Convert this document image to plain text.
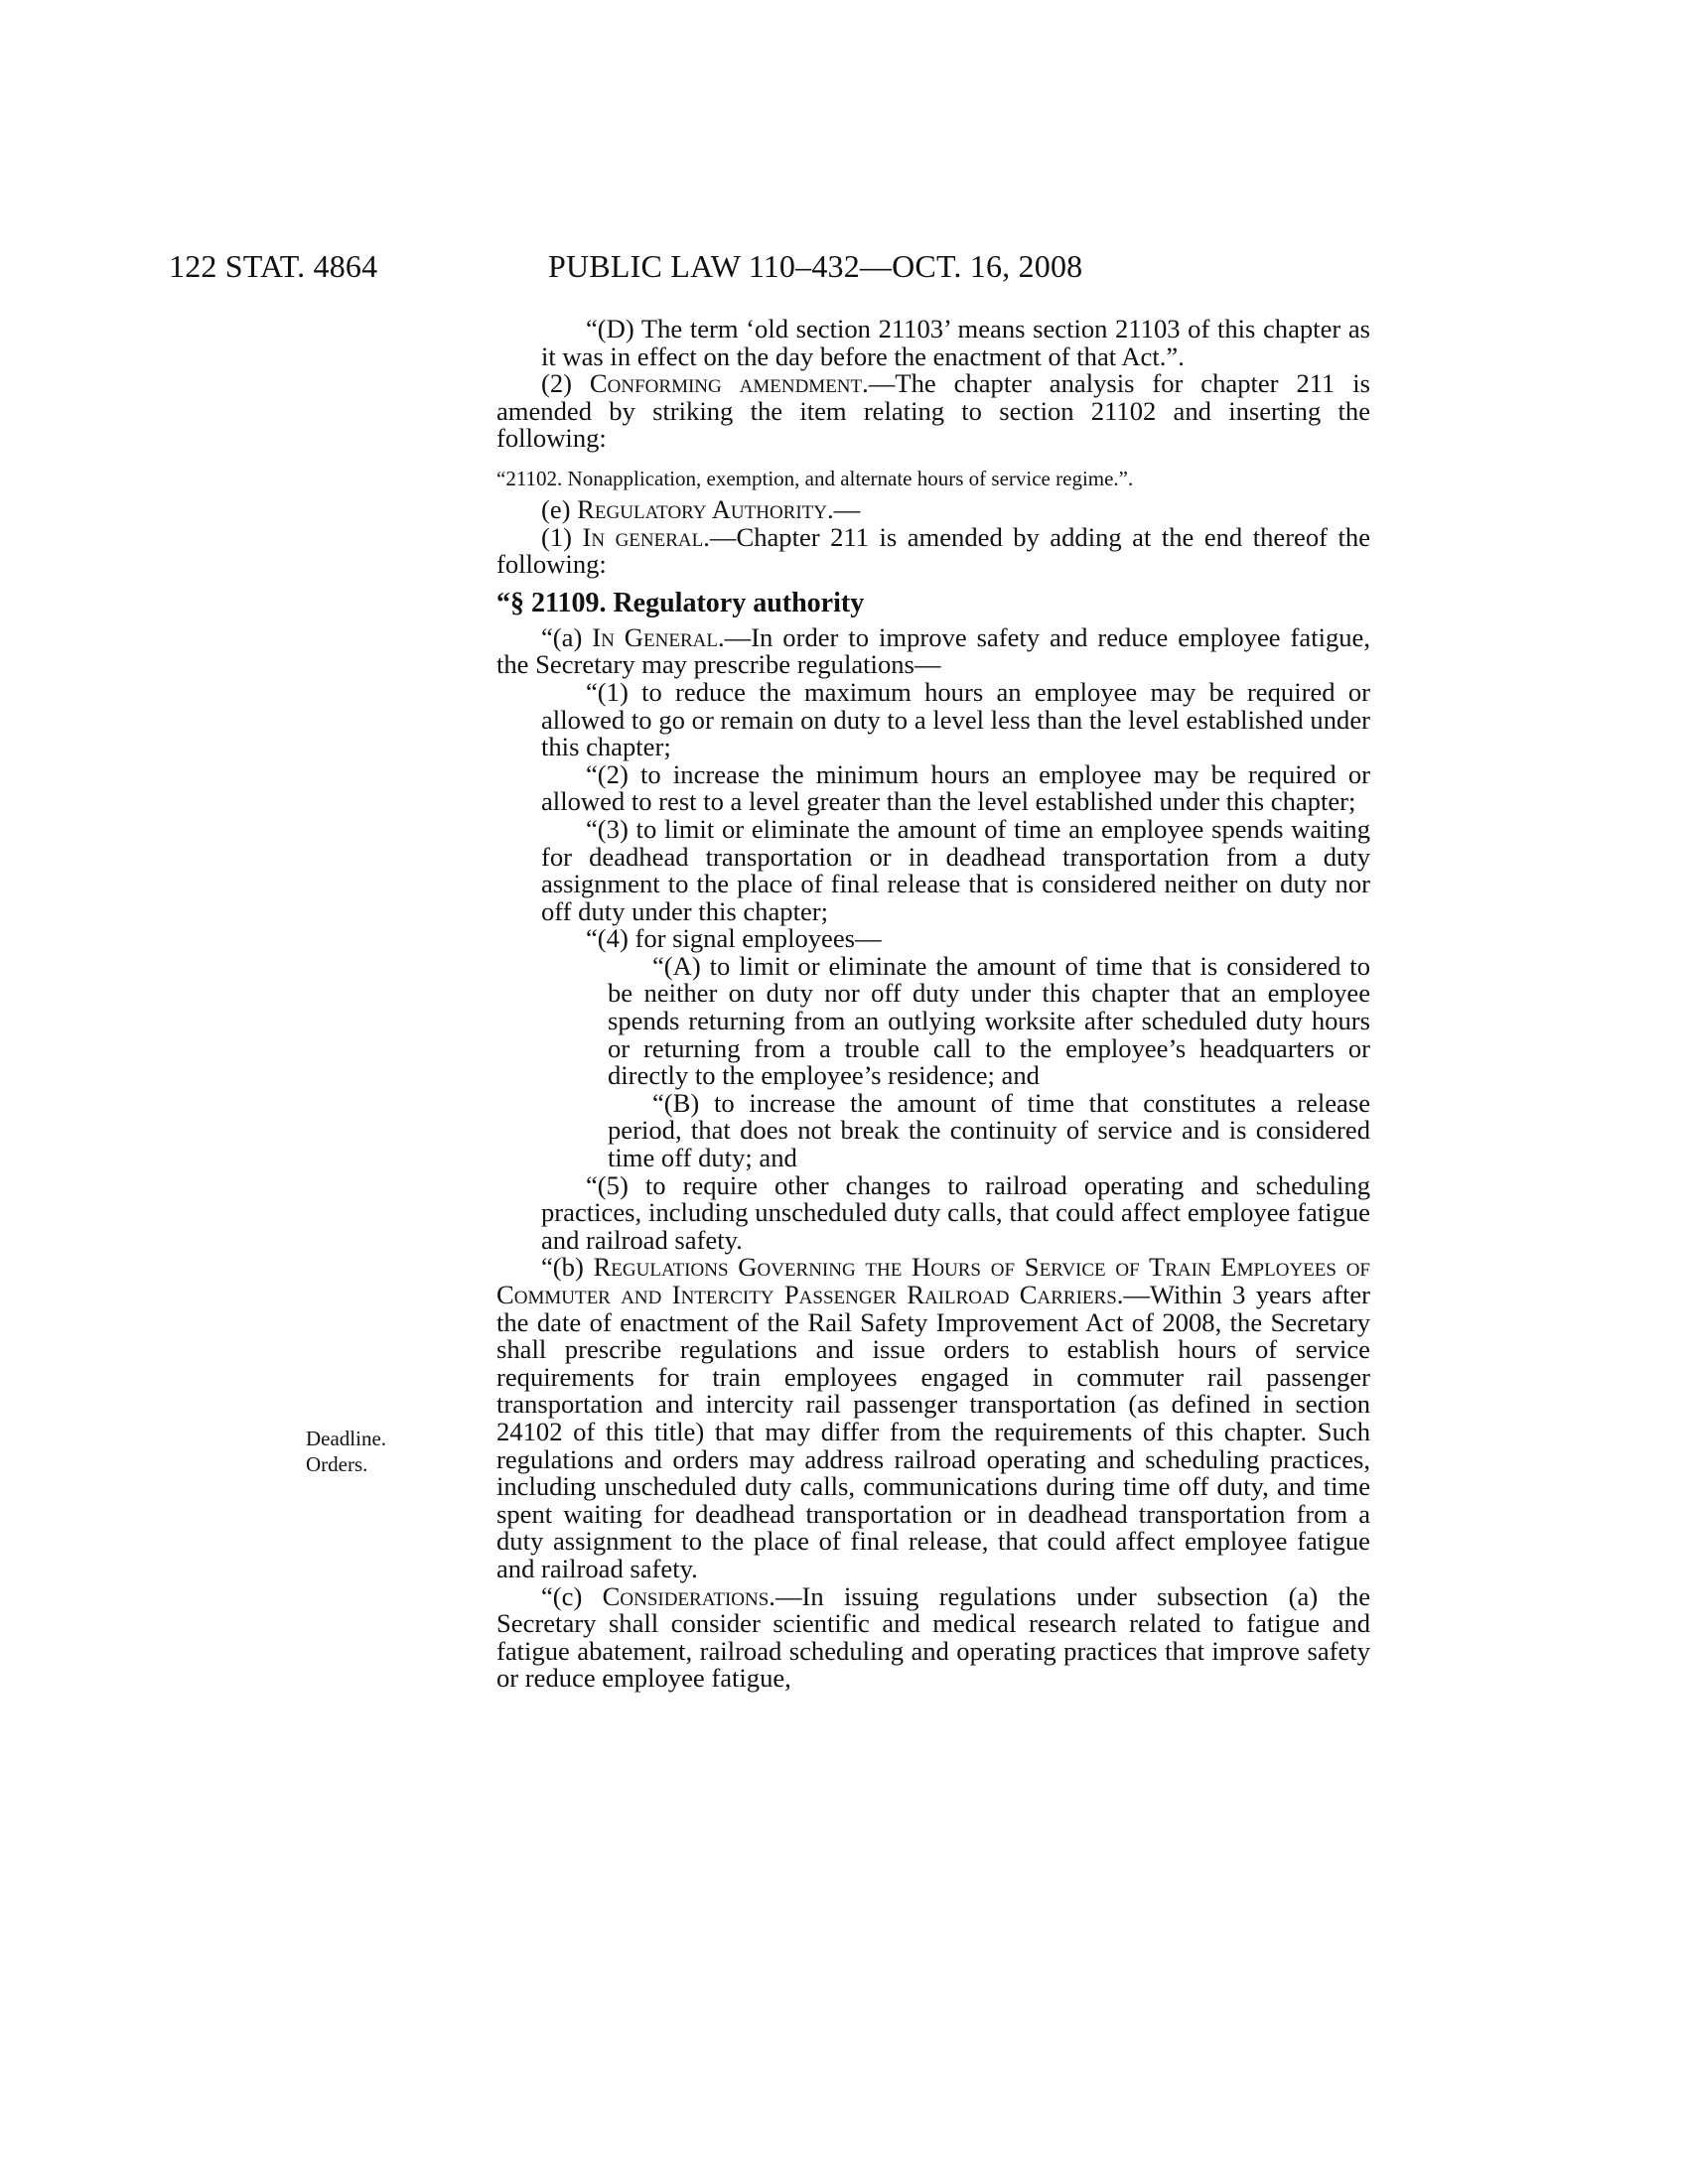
122 STAT. 4864	PUBLIC LAW 110–432—OCT. 16, 2008
Deadline.
Orders.

“(D) The term ‘old section 21103’ means section 21103 of this chapter as it was in effect on the day before the enactment of that Act.”.

(2) Conforming amendment.—The chapter analysis for chapter 211 is amended by striking the item relating to section 21102 and inserting the following:

“21102. Nonapplication, exemption, and alternate hours of service regime.”.

(e) Regulatory Authority.—

(1) In general.—Chapter 211 is amended by adding at the end thereof the following:

“§ 21109. Regulatory authority

“(a) In General.—In order to improve safety and reduce employee fatigue, the Secretary may prescribe regulations—

“(1) to reduce the maximum hours an employee may be required or allowed to go or remain on duty to a level less than the level established under this chapter;

“(2) to increase the minimum hours an employee may be required or allowed to rest to a level greater than the level established under this chapter;

“(3) to limit or eliminate the amount of time an employee spends waiting for deadhead transportation or in deadhead transportation from a duty assignment to the place of final release that is considered neither on duty nor off duty under this chapter;

“(4) for signal employees—

“(A) to limit or eliminate the amount of time that is considered to be neither on duty nor off duty under this chapter that an employee spends returning from an outlying worksite after scheduled duty hours or returning from a trouble call to the employee’s headquarters or directly to the employee’s residence; and

“(B) to increase the amount of time that constitutes a release period, that does not break the continuity of service and is considered time off duty; and

“(5) to require other changes to railroad operating and scheduling practices, including unscheduled duty calls, that could affect employee fatigue and railroad safety.

“(b) Regulations Governing the Hours of Service of Train Employees of Commuter and Intercity Passenger Railroad Carriers.—Within 3 years after the date of enactment of the Rail Safety Improvement Act of 2008, the Secretary shall prescribe regulations and issue orders to establish hours of service requirements for train employees engaged in commuter rail passenger transportation and intercity rail passenger transportation (as defined in section 24102 of this title) that may differ from the requirements of this chapter. Such regulations and orders may address railroad operating and scheduling practices, including unscheduled duty calls, communications during time off duty, and time spent waiting for deadhead transportation or in deadhead transportation from a duty assignment to the place of final release, that could affect employee fatigue and railroad safety.

“(c) Considerations.—In issuing regulations under subsection (a) the Secretary shall consider scientific and medical research related to fatigue and fatigue abatement, railroad scheduling and operating practices that improve safety or reduce employee fatigue,
